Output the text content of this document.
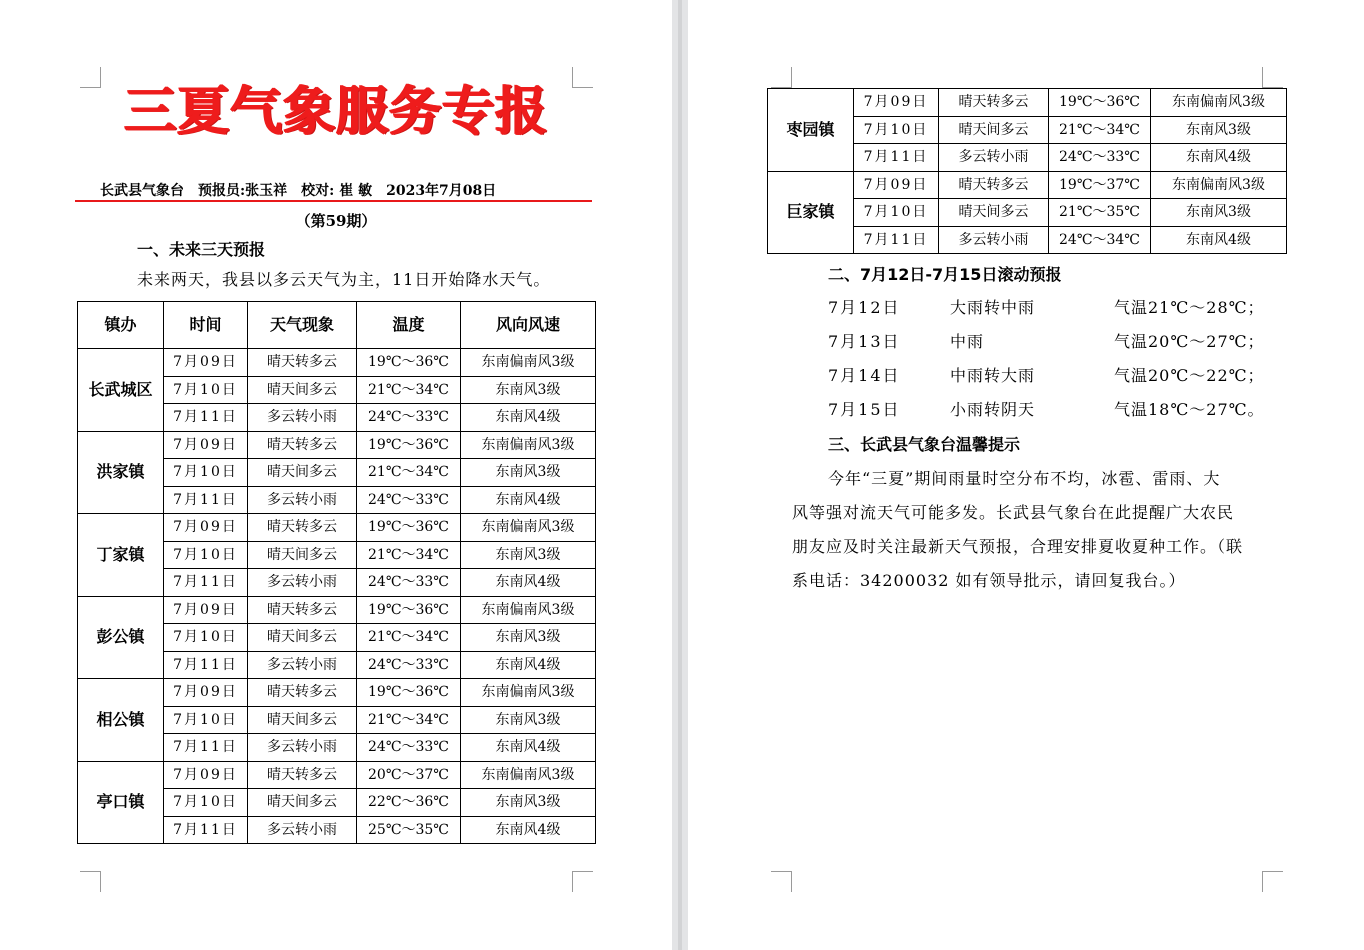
三夏气象服务专报
长武县气象台 预报员:张玉祥 校对: 崔 敏 2023年7月08日
（第59期）
一、未来三天预报
未来两天，我县以多云天气为主，11日开始降水天气。
镇办	时间	天气现象	温度	风向风速
长武城区	7月09日	晴天转多云	19℃～36℃	东南偏南风3级
	7月10日	晴天间多云	21℃～34℃	东南风3级
	7月11日	多云转小雨	24℃～33℃	东南风4级
洪家镇	7月09日	晴天转多云	19℃～36℃	东南偏南风3级
	7月10日	晴天间多云	21℃～34℃	东南风3级
	7月11日	多云转小雨	24℃～33℃	东南风4级
丁家镇	7月09日	晴天转多云	19℃～36℃	东南偏南风3级
	7月10日	晴天间多云	21℃～34℃	东南风3级
	7月11日	多云转小雨	24℃～33℃	东南风4级
彭公镇	7月09日	晴天转多云	19℃～36℃	东南偏南风3级
	7月10日	晴天间多云	21℃～34℃	东南风3级
	7月11日	多云转小雨	24℃～33℃	东南风4级
相公镇	7月09日	晴天转多云	19℃～36℃	东南偏南风3级
	7月10日	晴天间多云	21℃～34℃	东南风3级
	7月11日	多云转小雨	24℃～33℃	东南风4级
亭口镇	7月09日	晴天转多云	20℃～37℃	东南偏南风3级
	7月10日	晴天间多云	22℃～36℃	东南风3级
	7月11日	多云转小雨	25℃～35℃	东南风4级
枣园镇	7月09日	晴天转多云	19℃～36℃	东南偏南风3级
	7月10日	晴天间多云	21℃～34℃	东南风3级
	7月11日	多云转小雨	24℃～33℃	东南风4级
巨家镇	7月09日	晴天转多云	19℃～37℃	东南偏南风3级
	7月10日	晴天间多云	21℃～35℃	东南风3级
	7月11日	多云转小雨	24℃～34℃	东南风4级
二、7月12日-7月15日滚动预报
7月12日	大雨转中雨	气温21℃～28℃；
7月13日	中雨	气温20℃～27℃；
7月14日	中雨转大雨	气温20℃～22℃；
7月15日	小雨转阴天	气温18℃～27℃。
三、长武县气象台温馨提示
今年“三夏”期间雨量时空分布不均，冰雹、雷雨、大
风等强对流天气可能多发。长武县气象台在此提醒广大农民
朋友应及时关注最新天气预报，合理安排夏收夏种工作。（联
系电话：34200032 如有领导批示，请回复我台。）
